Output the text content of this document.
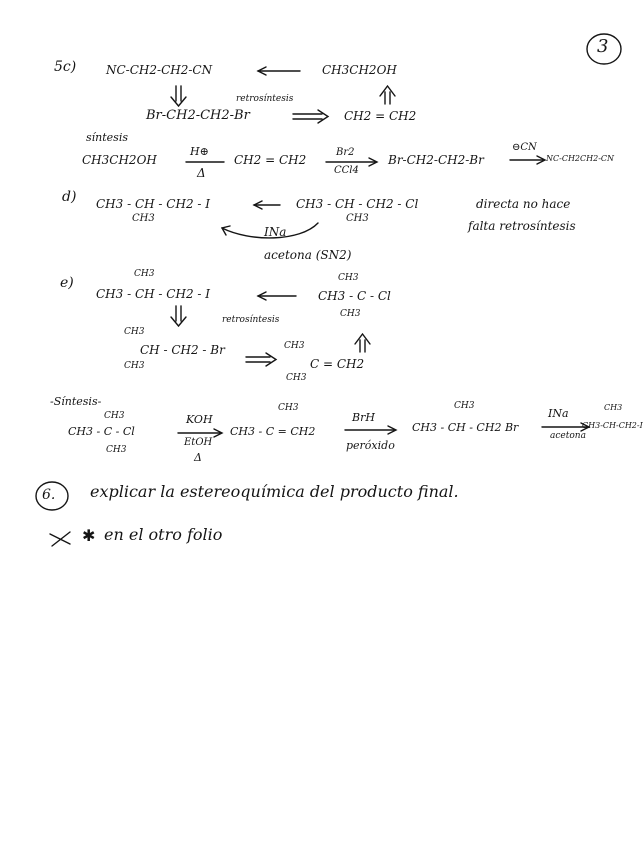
3
5c) NC-CH2-CH2-CN	CH3CH2OH
retrosíntesis
Br-CH2-CH2-Br	CH2 = CH2
síntesis
CH3CH2OH
H⊕
Δ
CH2 = CH2
Br2
CCl4
Br-CH2-CH2-Br
⊖CN
NC-CH2CH2-CN
d) CH3 - CH - CH2 - I
CH3
CH3 - CH - CH2 - Cl
CH3
INa
acetona (SN2)
directa no hace
falta retrosíntesis
e)
CH3
CH3 - CH - CH2 - I
CH3
CH3 - C - Cl
CH3
retrosíntesis
CH3
CH - CH2 - Br
CH3
CH3
C = CH2
CH3
-Síntesis-
CH3
CH3 - C - Cl
CH3
KOH
EtOH
Δ
CH3
CH3 - C = CH2
BrH
peróxido
CH3
CH3 - CH - CH2 Br
INa
acetona
CH3
CH3-CH-CH2-I
6. explicar la estereoquímica del producto final.
✱ en el otro folio
